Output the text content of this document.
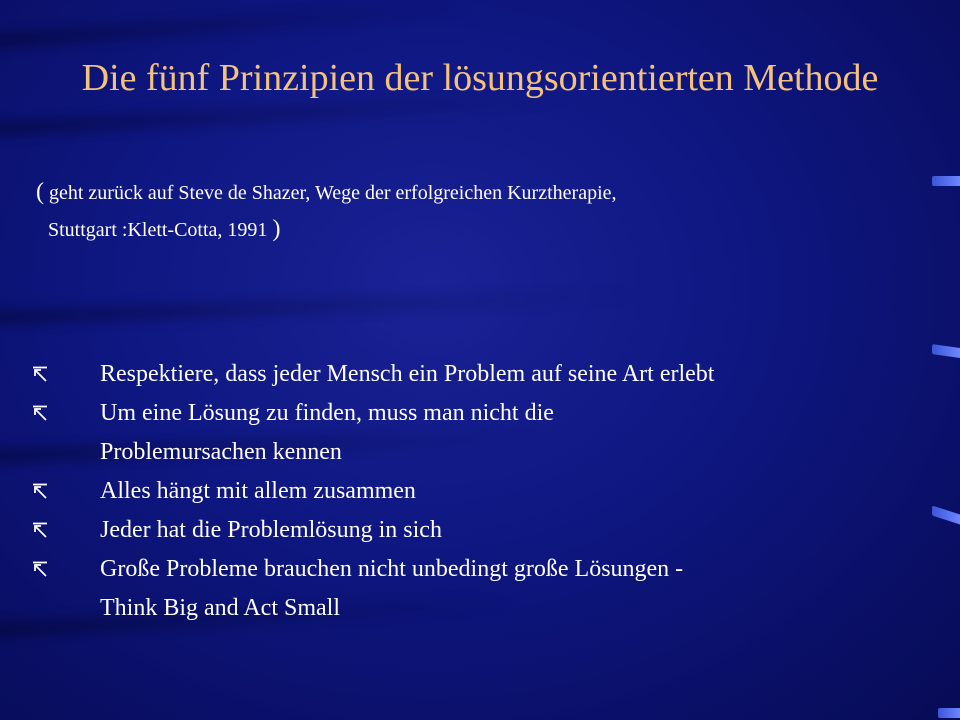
Die fünf Prinzipien der lösungsorientierten Methode
( geht zurück auf Steve de Shazer, Wege der erfolgreichen Kurztherapie,
Stuttgart :Klett-Cotta, 1991 )
Respektiere, dass jeder Mensch ein Problem auf seine Art erlebt
Um eine Lösung zu finden, muss man nicht die
Problemursachen kennen
Alles hängt mit allem zusammen
Jeder hat die Problemlösung in sich
Große Probleme brauchen nicht unbedingt große Lösungen -
Think Big and Act Small
